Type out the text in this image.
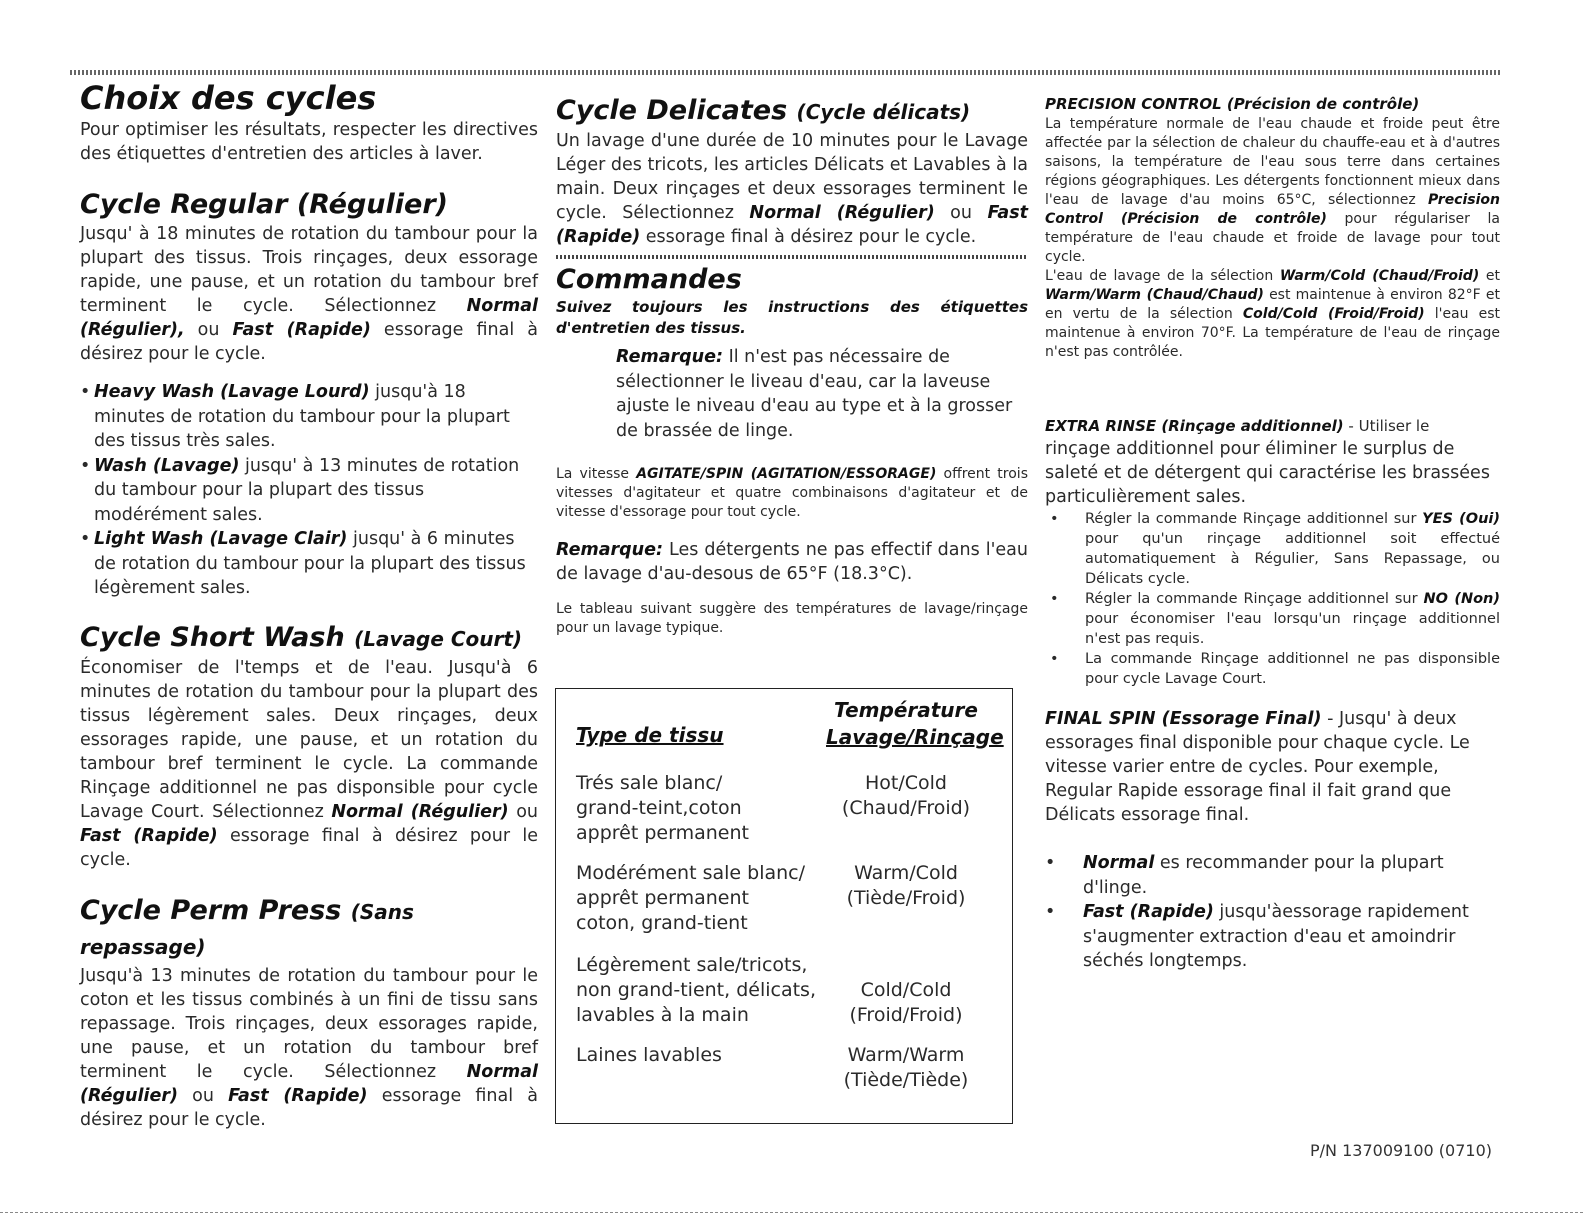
Choix des cycles

Pour optimiser les résultats, respecter les directives des étiquettes d'entretien des articles à laver.

Cycle Regular (Régulier)

Jusqu' à 18 minutes de rotation du tambour pour la plupart des tissus. Trois rinçages, deux essorage rapide, une pause, et un rotation du tambour bref terminent le cycle. Sélectionnez Normal (Régulier), ou Fast (Rapide) essorage final à désirez pour le cycle.

• Heavy Wash (Lavage Lourd) jusqu'à 18 minutes de rotation du tambour pour la plupart des tissus très sales.
• Wash (Lavage) jusqu' à 13 minutes de rotation du tambour pour la plupart des tissus modérément sales.
• Light Wash (Lavage Clair) jusqu' à 6 minutes de rotation du tambour pour la plupart des tissus légèrement sales.
Cycle Short Wash (Lavage Court)

Économiser de l'temps et de l'eau. Jusqu'à 6 minutes de rotation du tambour pour la plupart des tissus légèrement sales. Deux rinçages, deux essorages rapide, une pause, et un rotation du tambour bref terminent le cycle. La commande Rinçage additionnel ne pas disponsible pour cycle Lavage Court. Sélectionnez Normal (Régulier) ou Fast (Rapide) essorage final à désirez pour le cycle.

Cycle Perm Press (Sans repassage)

Jusqu'à 13 minutes de rotation du tambour pour le coton et les tissus combinés à un fini de tissu sans repassage. Trois rinçages, deux essorages rapide, une pause, et un rotation du tambour bref terminent le cycle. Sélectionnez Normal (Régulier) ou Fast (Rapide) essorage final à désirez pour le cycle.

Cycle Delicates (Cycle délicats)

Un lavage d'une durée de 10 minutes pour le Lavage Léger des tricots, les articles Délicats et Lavables à la main. Deux rinçages et deux essorages terminent le cycle. Sélectionnez Normal (Régulier) ou Fast (Rapide) essorage final à désirez pour le cycle.

Commandes

Suivez toujours les instructions des étiquettes d'entretien des tissus.

Remarque: Il n'est pas nécessaire de sélectionner le liveau d'eau, car la laveuse ajuste le niveau d'eau au type et à la grosser de brassée de linge.

La vitesse AGITATE/SPIN (AGITATION/ESSORAGE) offrent trois vitesses d'agitateur et quatre combinaisons d'agitateur et de vitesse d'essorage pour tout cycle.

Remarque: Les détergents ne pas effectif dans l'eau de lavage d'au-desous de 65°F (18.3°C).

Le tableau suivant suggère des températures de lavage/rinçage pour un lavage typique.

Type de tissu
Température
Lavage/Rinçage
Trés sale blanc/
grand-teint,coton
apprêt permanent
Hot/Cold
(Chaud/Froid)
Modérément sale blanc/
apprêt permanent
coton, grand-tient
Warm/Cold
(Tiède/Froid)
Légèrement sale/tricots,
non grand-tient, délicats,
lavables à la main
Cold/Cold
(Froid/Froid)
Laines lavables	Warm/Warm
(Tiède/Tiède)

PRECISION CONTROL (Précision de contrôle)

La température normale de l'eau chaude et froide peut être affectée par la sélection de chaleur du chauffe-eau et à d'autres saisons, la température de l'eau sous terre dans certaines régions géographiques. Les détergents fonctionnent mieux dans l'eau de lavage d'au moins 65°C, sélectionnez Precision Control (Précision de contrôle) pour régulariser la température de l'eau chaude et froide de lavage pour tout cycle.

L'eau de lavage de la sélection Warm/Cold (Chaud/Froid) et Warm/Warm (Chaud/Chaud) est maintenue à environ 82°F et en vertu de la sélection Cold/Cold (Froid/Froid) l'eau est maintenue à environ 70°F. La température de l'eau de rinçage n'est pas contrôlée.

EXTRA RINSE (Rinçage additionnel) - Utiliser le

rinçage additionnel pour éliminer le surplus de saleté et de détergent qui caractérise les brassées particulièrement sales.

• Régler la commande Rinçage additionnel sur YES (Oui) pour qu'un rinçage additionnel soit effectué automatiquement à Régulier, Sans Repassage, ou Délicats cycle.
• Régler la commande Rinçage additionnel sur NO (Non) pour économiser l'eau lorsqu'un rinçage additionnel n'est pas requis.
• La commande Rinçage additionnel ne pas disponsible pour cycle Lavage Court.

FINAL SPIN (Essorage Final) - Jusqu' à deux essorages final disponible pour chaque cycle. Le vitesse varier entre de cycles. Pour exemple, Regular Rapide essorage final il fait grand que Délicats essorage final.

• Normal es recommander pour la plupart d'linge.
• Fast (Rapide) jusqu'àessorage rapidement s'augmenter extraction d'eau et amoindrir séchés longtemps.
P/N 137009100 (0710)
